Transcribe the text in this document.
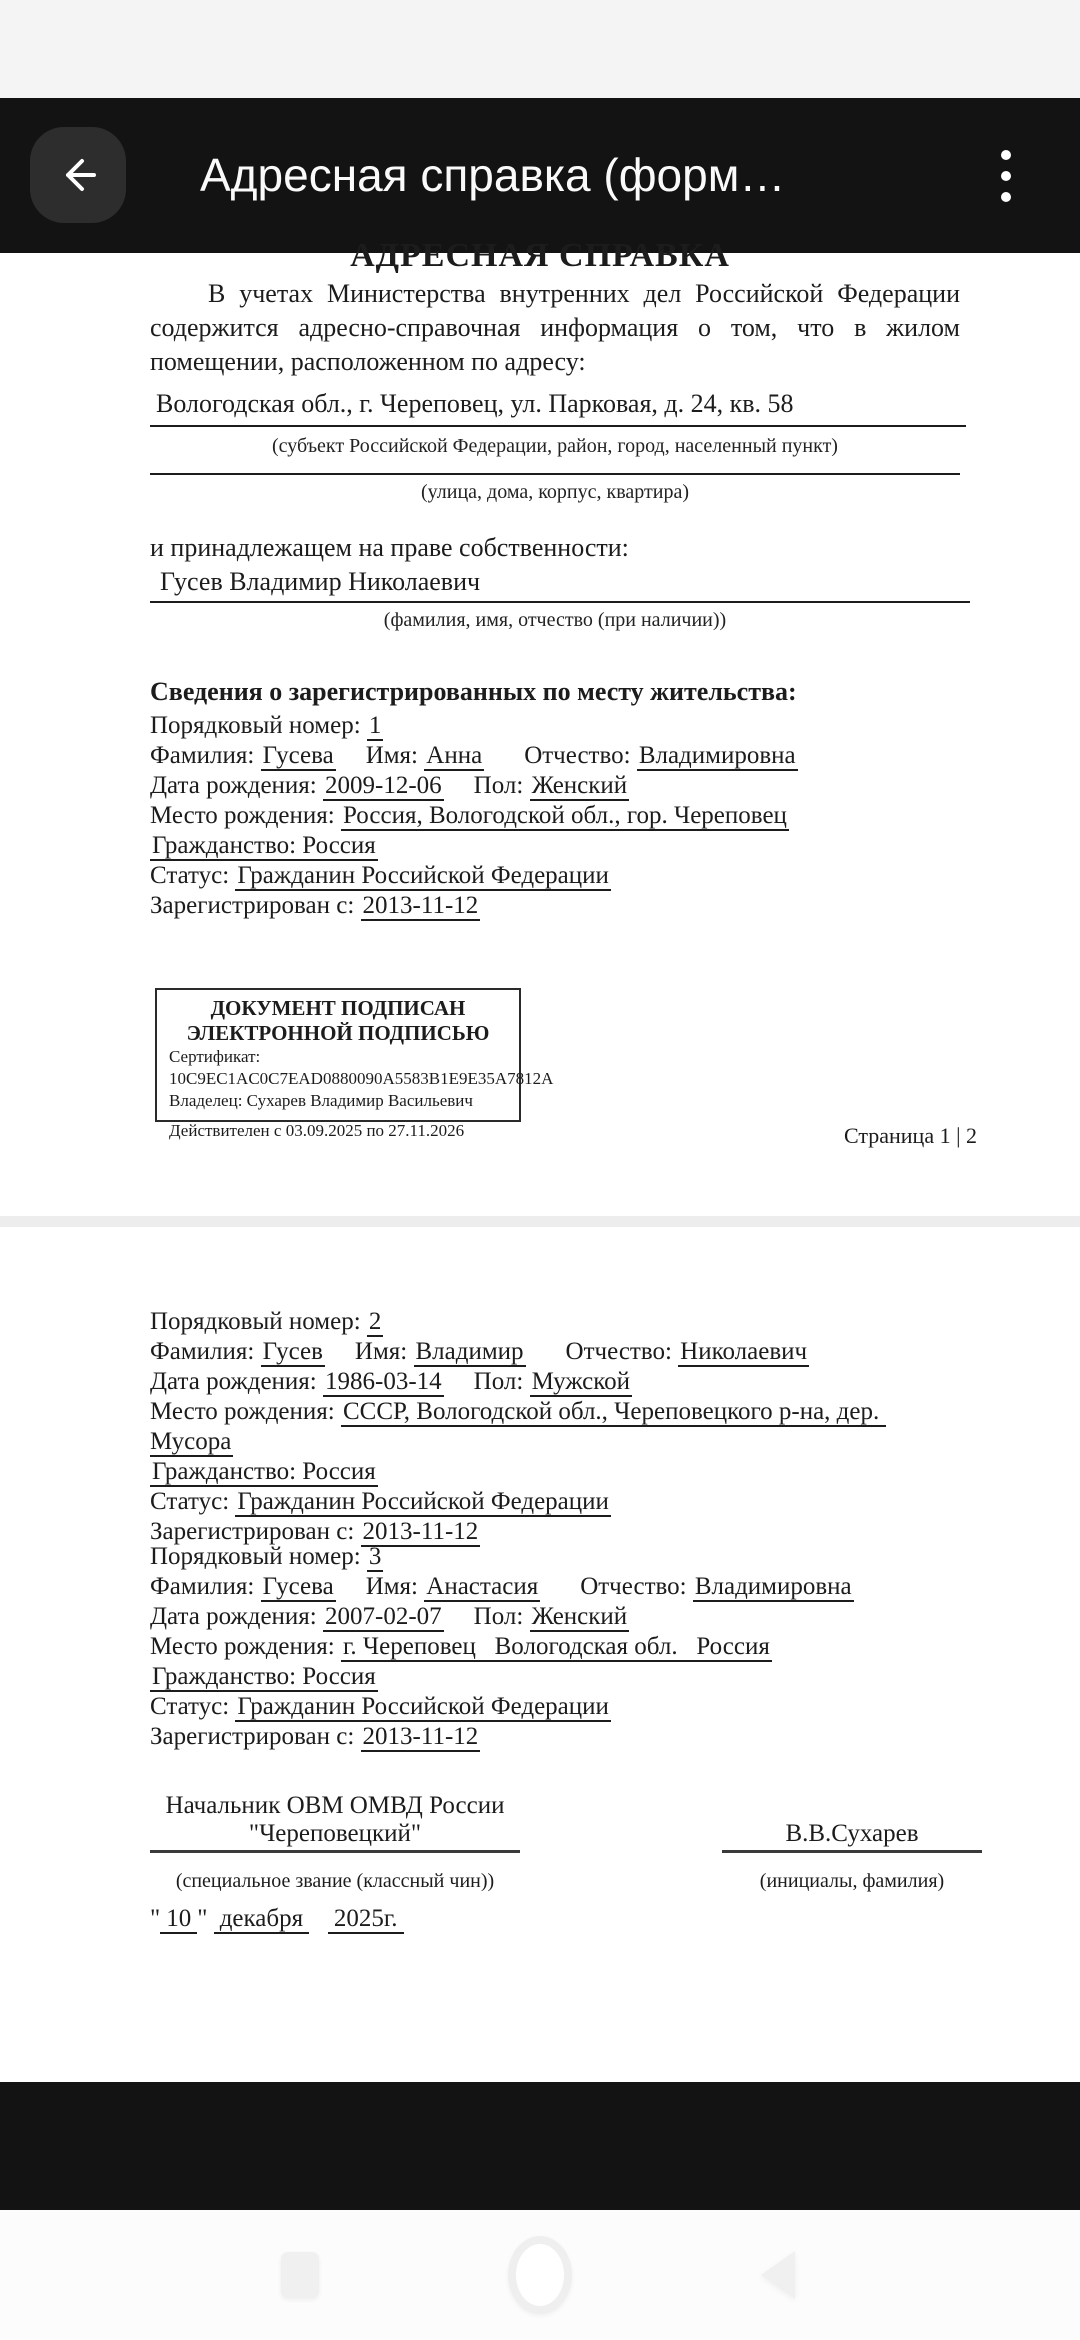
Адресная справка (форм…
АДРЕСНАЯ СПРАВКА
В учетах Министерства внутренних дел Российской Федерации содержится адресно-справочная информация о том, что в жилом помещении, расположенном по адресу:
Вологодская обл., г. Череповец, ул. Парковая, д. 24, кв. 58
(субъект Российской Федерации, район, город, населенный пункт)
(улица, дома, корпус, квартира)
и принадлежащем на праве собственности:
Гусев Владимир Николаевич
(фамилия, имя, отчество (при наличии))
Сведения о зарегистрированных по месту жительства:
Порядковый номер: 1
Фамилия: Гусева Имя: Анна Отчество: Владимировна
Дата рождения: 2009-12-06 Пол: Женский
Место рождения: Россия, Вологодской обл., гор. Череповец
Гражданство: Россия
Статус: Гражданин Российской Федерации
Зарегистрирован с: 2013-11-12
ДОКУМЕНТ ПОДПИСАН
ЭЛЕКТРОННОЙ ПОДПИСЬЮ
Сертификат:
10C9EC1AC0C7EAD0880090A5583B1E9E35A7812A
Владелец: Сухарев Владимир Васильевич
Действителен с 03.09.2025 по 27.11.2026	Страница 1 | 2
Порядковый номер: 2
Фамилия: Гусев Имя: Владимир Отчество: Николаевич
Дата рождения: 1986-03-14 Пол: Мужской
Место рождения: СССР, Вологодской обл., Череповецкого р-на, дер. Мусора
Гражданство: Россия
Статус: Гражданин Российской Федерации
Зарегистрирован с: 2013-11-12
Порядковый номер: 3
Фамилия: Гусева Имя: Анастасия Отчество: Владимировна
Дата рождения: 2007-02-07 Пол: Женский
Место рождения: г. Череповец   Вологодская обл.   Россия
Гражданство: Россия
Статус: Гражданин Российской Федерации
Зарегистрирован с: 2013-11-12
Начальник ОВМ ОМВД России
"Череповецкий"
(специальное звание (классный чин))
В.В.Сухарев
(инициалы, фамилия)
" 10 " декабря 2025г.
